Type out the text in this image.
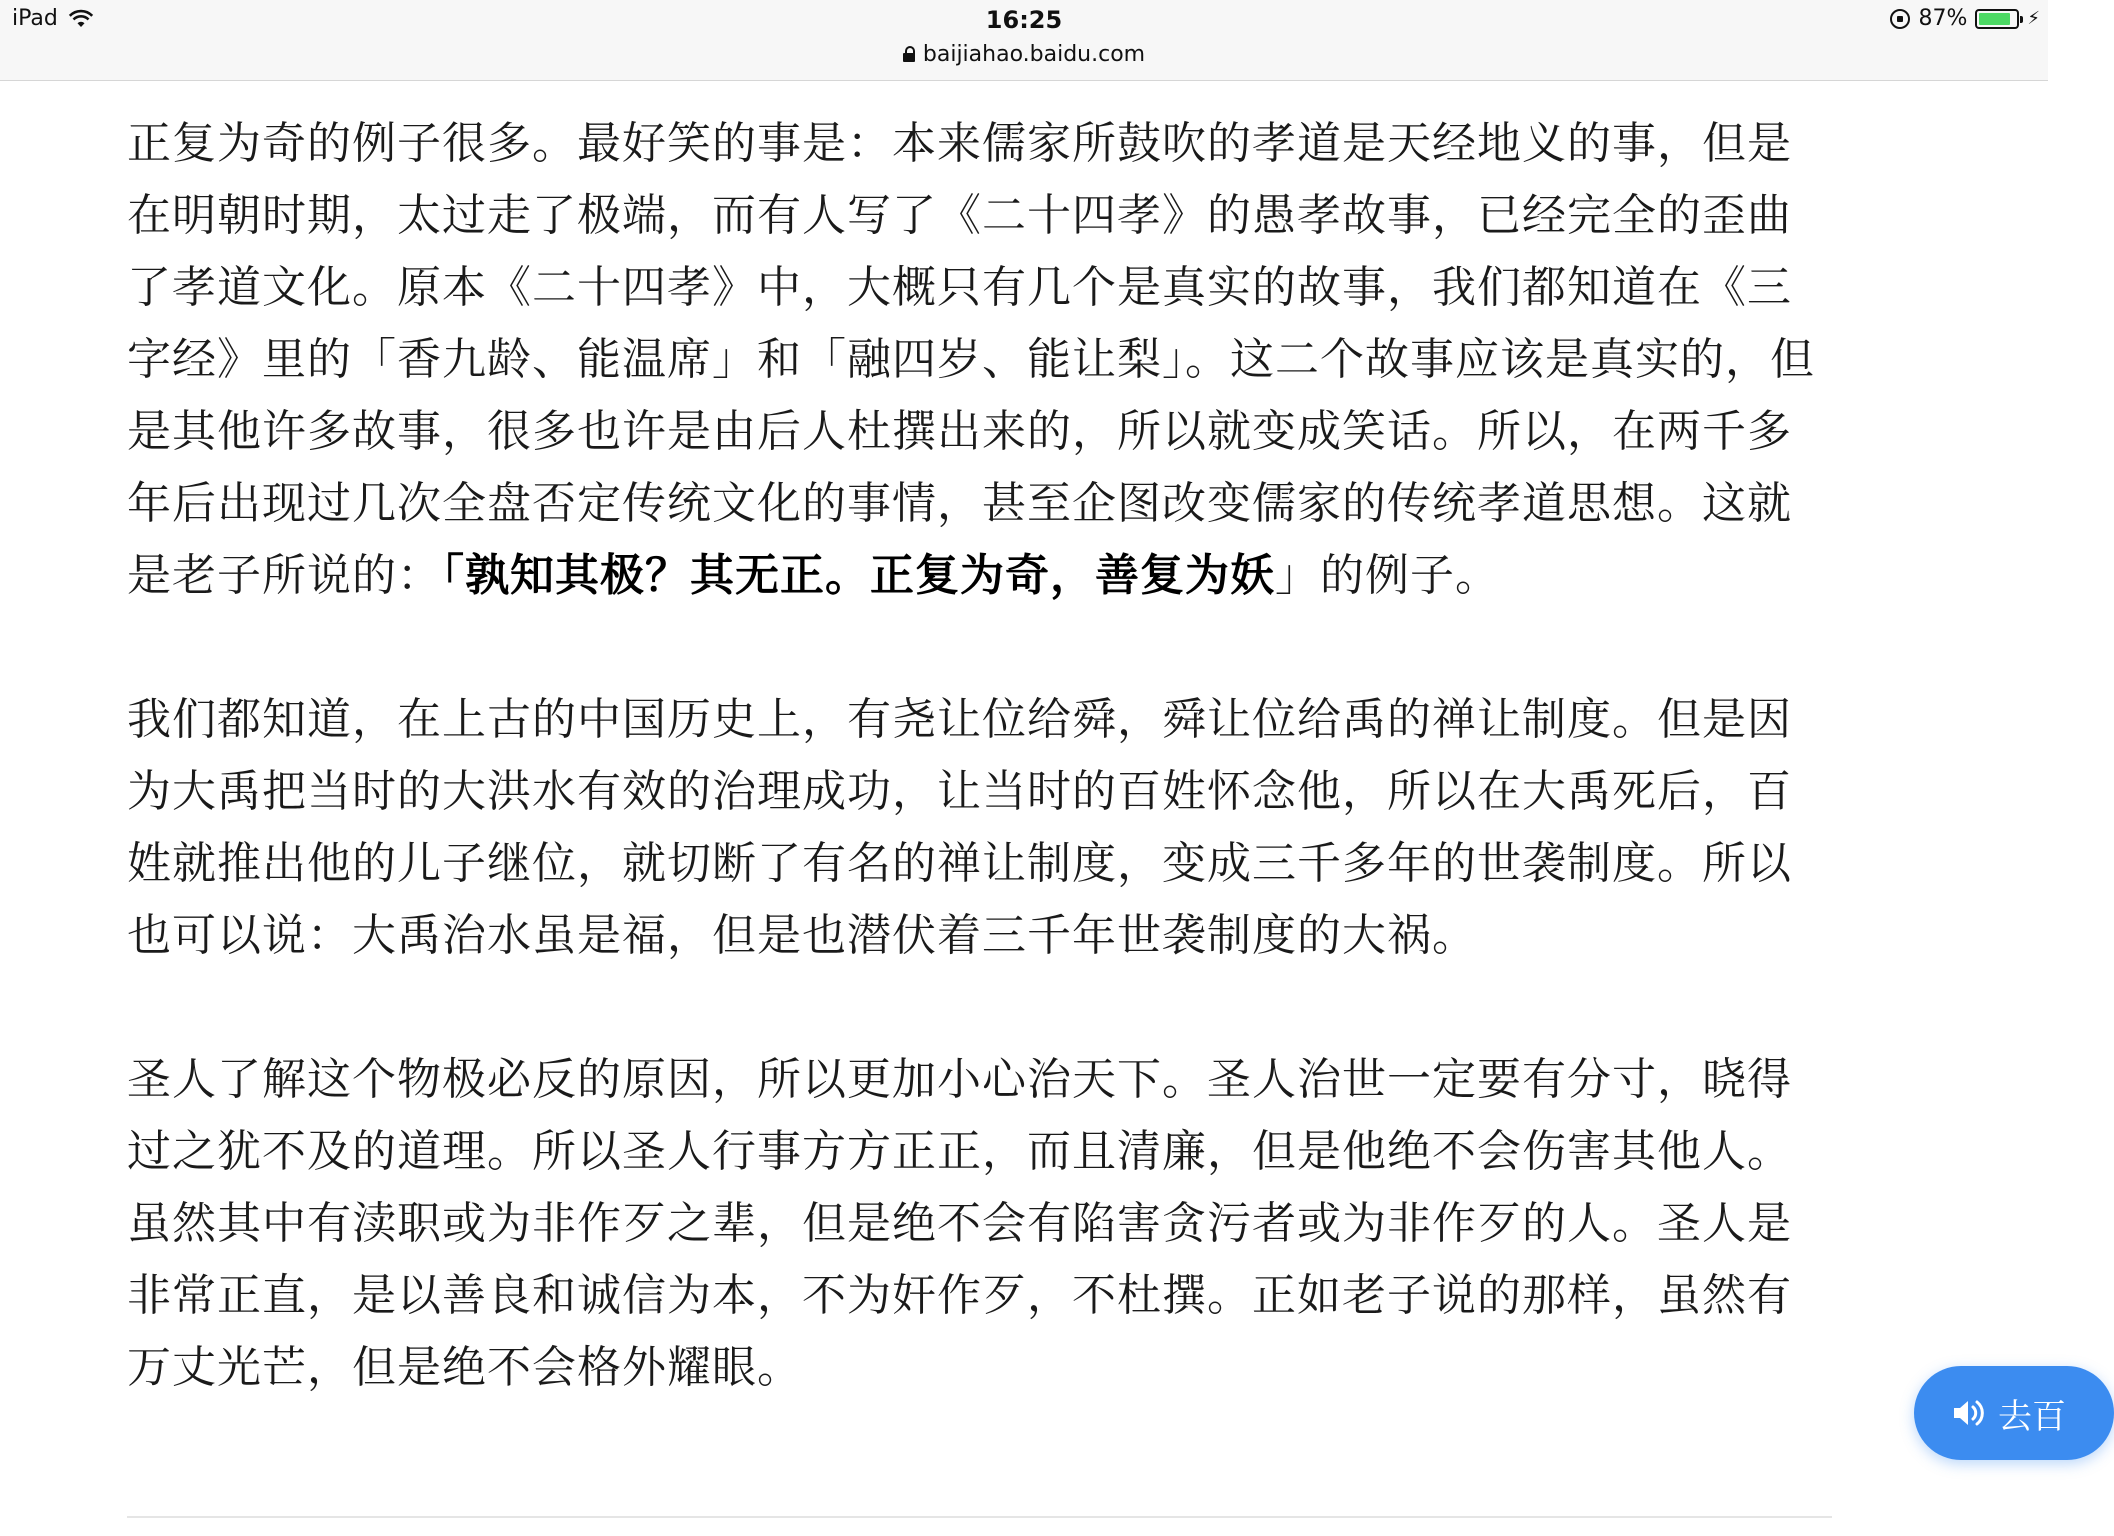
iPad	16:25
baijiahao.baidu.com
87%	⚡

正复为奇的例子很多。最好笑的事是：本来儒家所鼓吹的孝道是天经地义的事，但是在明朝时期，太过走了极端，而有人写了《二十四孝》的愚孝故事，已经完全的歪曲了孝道文化。原本《二十四孝》中，大概只有几个是真实的故事，我们都知道在《三字经》里的「香九龄、能温席」和「融四岁、能让梨」。这二个故事应该是真实的，但是其他许多故事，很多也许是由后人杜撰出来的，所以就变成笑话。所以，在两千多年后出现过几次全盘否定传统文化的事情，甚至企图改变儒家的传统孝道思想。这就是老子所说的：「孰知其极？其无正。正复为奇，善复为妖」的例子。

我们都知道，在上古的中国历史上，有尧让位给舜，舜让位给禹的禅让制度。但是因为大禹把当时的大洪水有效的治理成功，让当时的百姓怀念他，所以在大禹死后，百姓就推出他的儿子继位，就切断了有名的禅让制度，变成三千多年的世袭制度。所以也可以说：大禹治水虽是福，但是也潜伏着三千年世袭制度的大祸。

圣人了解这个物极必反的原因，所以更加小心治天下。圣人治世一定要有分寸，晓得过之犹不及的道理。所以圣人行事方方正正，而且清廉，但是他绝不会伤害其他人。虽然其中有渎职或为非作歹之辈，但是绝不会有陷害贪污者或为非作歹的人。圣人是非常正直，是以善良和诚信为本，不为奸作歹，不杜撰。正如老子说的那样，虽然有万丈光芒，但是绝不会格外耀眼。

去百
